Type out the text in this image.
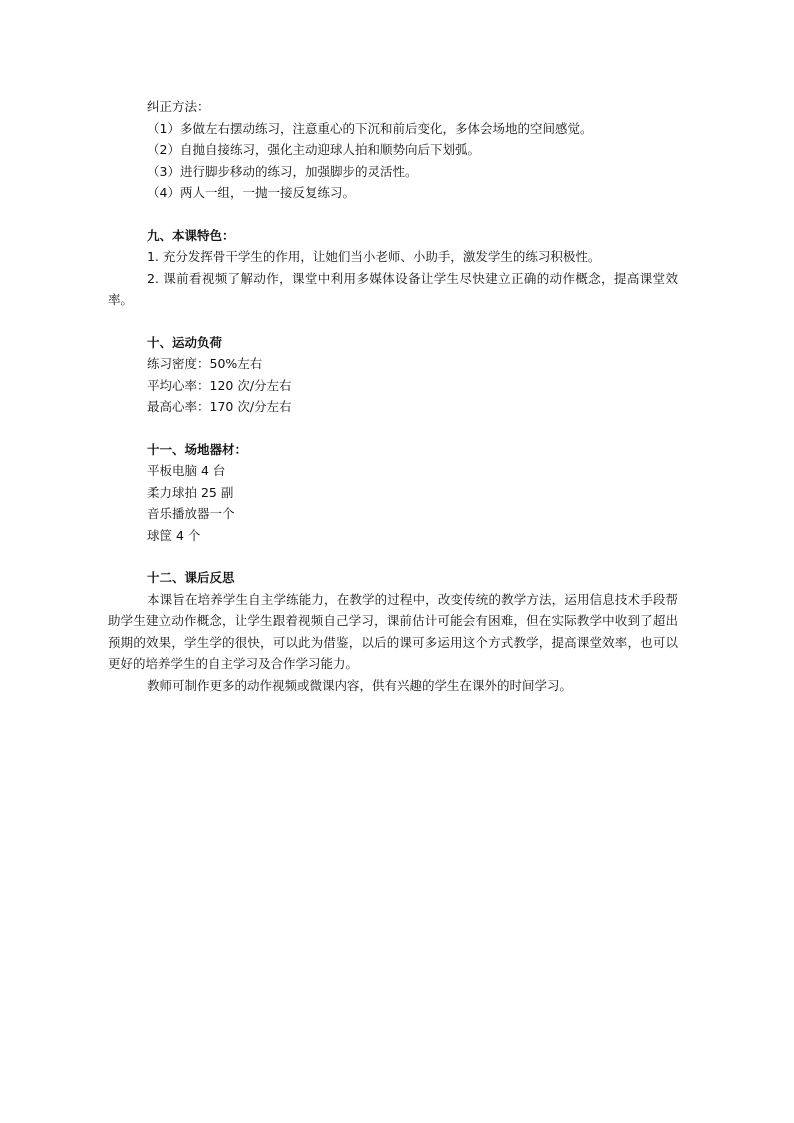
纠正方法：
（1）多做左右摆动练习，注意重心的下沉和前后变化，多体会场地的空间感觉。
（2）自抛自接练习，强化主动迎球人拍和顺势向后下划弧。
（3）进行脚步移动的练习，加强脚步的灵活性。
（4）两人一组，一抛一接反复练习。
九、本课特色：
1. 充分发挥骨干学生的作用，让她们当小老师、小助手，激发学生的练习积极性。
2. 课前看视频了解动作，课堂中利用多媒体设备让学生尽快建立正确的动作概念，提高课堂效率。
十、运动负荷
练习密度：50%左右
平均心率：120 次/分左右
最高心率：170 次/分左右
十一、场地器材：
平板电脑 4 台
柔力球拍 25 副
音乐播放器一个
球筐 4 个
十二、课后反思
本课旨在培养学生自主学练能力，在教学的过程中，改变传统的教学方法，运用信息技术手段帮助学生建立动作概念，让学生跟着视频自己学习，课前估计可能会有困难，但在实际教学中收到了超出预期的效果，学生学的很快，可以此为借鉴，以后的课可多运用这个方式教学，提高课堂效率，也可以更好的培养学生的自主学习及合作学习能力。
教师可制作更多的动作视频或微课内容，供有兴趣的学生在课外的时间学习。
